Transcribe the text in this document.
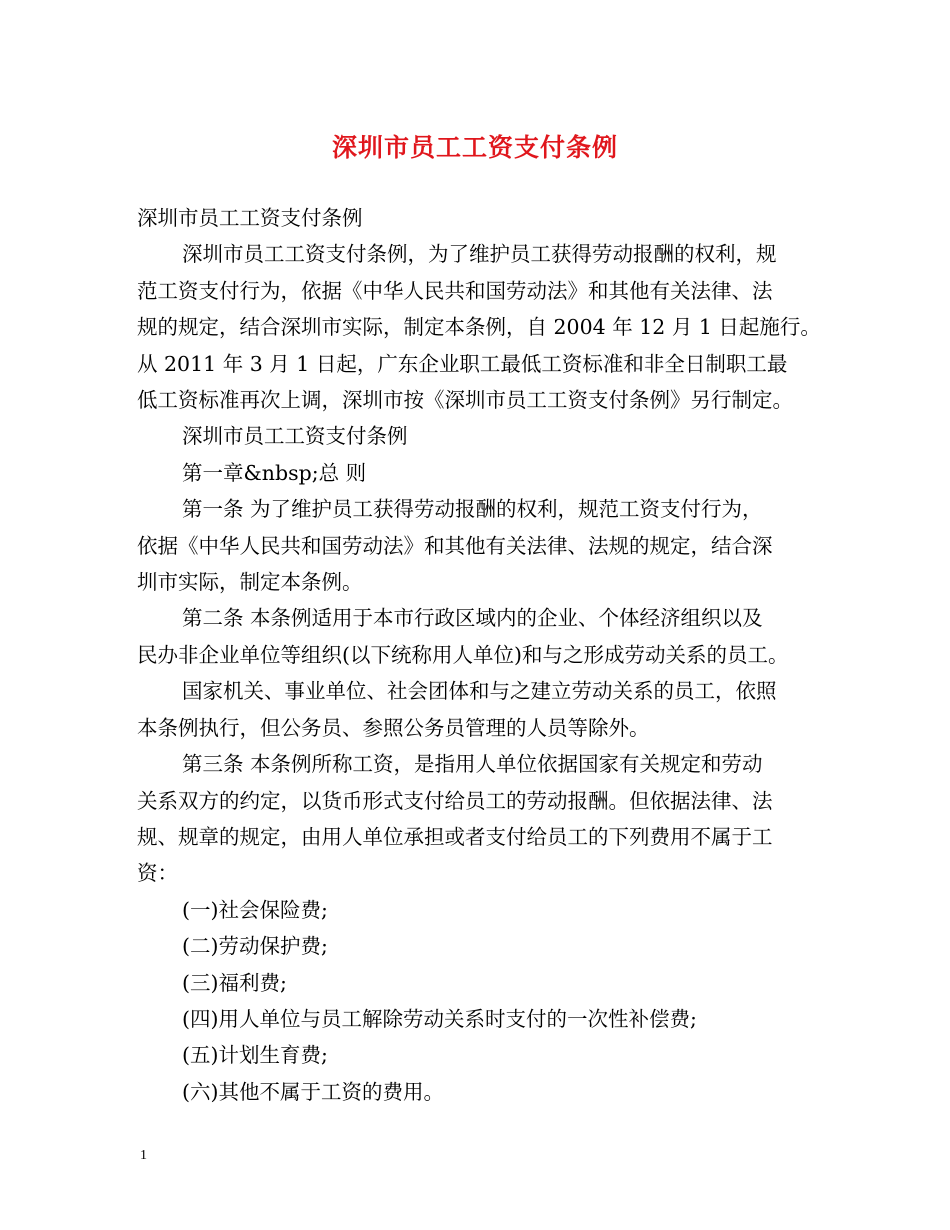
深圳市员工工资支付条例

深圳市员工工资支付条例

深圳市员工工资支付条例，为了维护员工获得劳动报酬的权利，规

范工资支付行为，依据《中华人民共和国劳动法》和其他有关法律、法

规的规定，结合深圳市实际，制定本条例，自 2004 年 12 月 1 日起施行。

从 2011 年 3 月 1 日起，广东企业职工最低工资标准和非全日制职工最

低工资标准再次上调，深圳市按《深圳市员工工资支付条例》另行制定。

深圳市员工工资支付条例

第一章&nbsp;总 则

第一条 为了维护员工获得劳动报酬的权利，规范工资支付行为，

依据《中华人民共和国劳动法》和其他有关法律、法规的规定，结合深

圳市实际，制定本条例。

第二条 本条例适用于本市行政区域内的企业、个体经济组织以及

民办非企业单位等组织(以下统称用人单位)和与之形成劳动关系的员工。

国家机关、事业单位、社会团体和与之建立劳动关系的员工，依照

本条例执行，但公务员、参照公务员管理的人员等除外。

第三条 本条例所称工资，是指用人单位依据国家有关规定和劳动

关系双方的约定，以货币形式支付给员工的劳动报酬。但依据法律、法

规、规章的规定，由用人单位承担或者支付给员工的下列费用不属于工

资：

(一)社会保险费;

(二)劳动保护费;

(三)福利费;

(四)用人单位与员工解除劳动关系时支付的一次性补偿费;

(五)计划生育费;

(六)其他不属于工资的费用。

1
